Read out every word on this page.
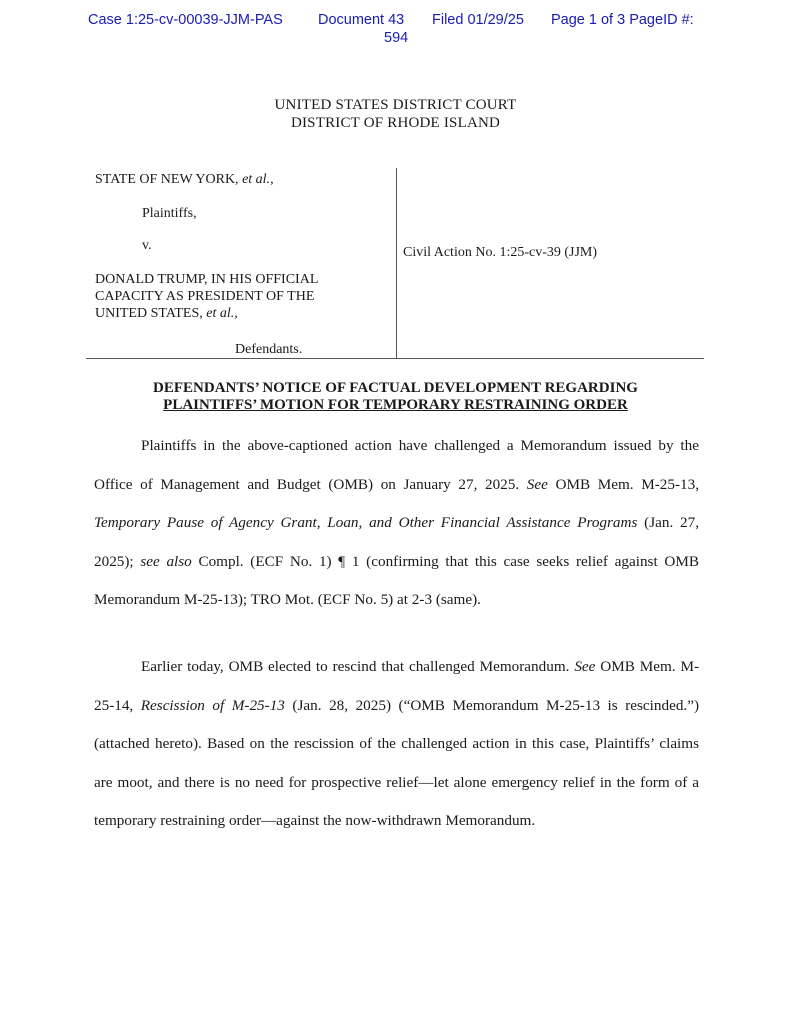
Case 1:25-cv-00039-JJM-PAS Document 43
594
Filed 01/29/25 Page 1 of 3 PageID #:
UNITED STATES DISTRICT COURT
DISTRICT OF RHODE ISLAND
STATE OF NEW YORK, et al.,
Plaintiffs,
v.
DONALD TRUMP, IN HIS OFFICIAL
CAPACITY AS PRESIDENT OF THE
UNITED STATES, et al.,
Defendants.
Civil Action No. 1:25-cv-39 (JJM)
DEFENDANTS’ NOTICE OF FACTUAL DEVELOPMENT REGARDING
PLAINTIFFS’ MOTION FOR TEMPORARY RESTRAINING ORDER

Plaintiffs in the above-captioned action have challenged a Memorandum issued by the Office of Management and Budget (OMB) on January 27, 2025. See OMB Mem. M-25-13, Temporary Pause of Agency Grant, Loan, and Other Financial Assistance Programs (Jan. 27, 2025); see also Compl. (ECF No. 1) ¶ 1 (confirming that this case seeks relief against OMB Memorandum M-25-13); TRO Mot. (ECF No. 5) at 2-3 (same).

Earlier today, OMB elected to rescind that challenged Memorandum. See OMB Mem. M-25-14, Rescission of M-25-13 (Jan. 28, 2025) (“OMB Memorandum M-25-13 is rescinded.”) (attached hereto). Based on the rescission of the challenged action in this case, Plaintiffs’ claims are moot, and there is no need for prospective relief—let alone emergency relief in the form of a temporary restraining order—against the now-withdrawn Memorandum.
